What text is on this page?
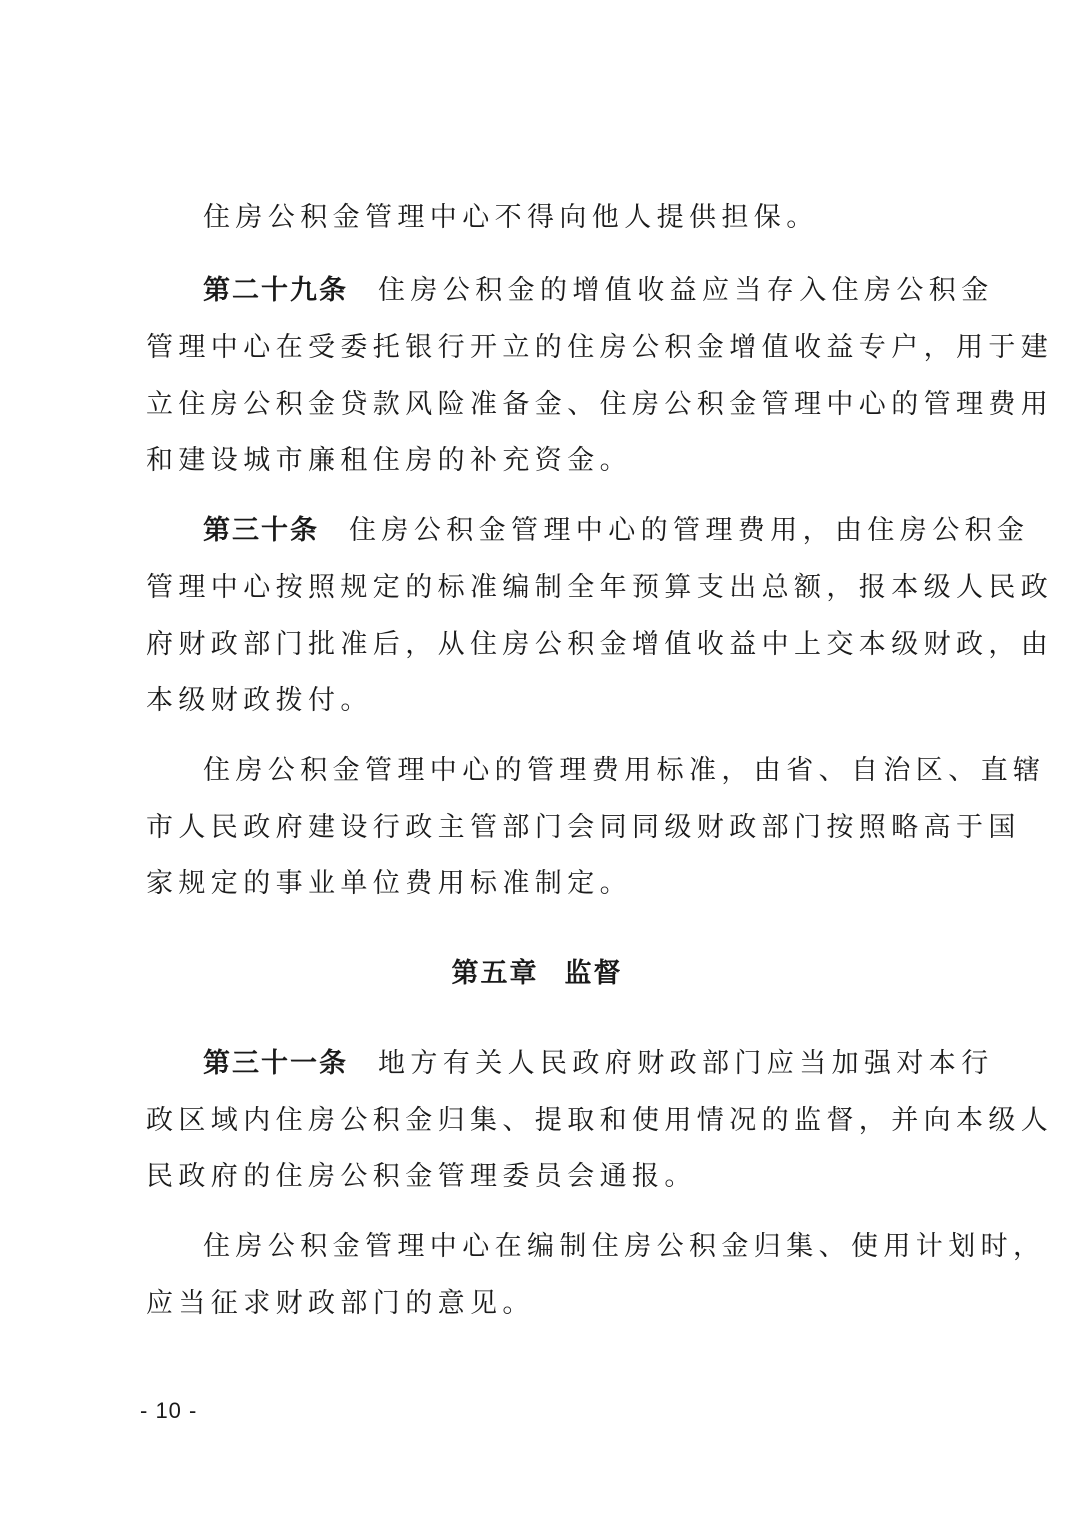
住房公积金管理中心不得向他人提供担保。
第二十九条 住房公积金的增值收益应当存入住房公积金
管理中心在受委托银行开立的住房公积金增值收益专户，用于建
立住房公积金贷款风险准备金、住房公积金管理中心的管理费用
和建设城市廉租住房的补充资金。
第三十条 住房公积金管理中心的管理费用，由住房公积金
管理中心按照规定的标准编制全年预算支出总额，报本级人民政
府财政部门批准后，从住房公积金增值收益中上交本级财政，由
本级财政拨付。
住房公积金管理中心的管理费用标准，由省、自治区、直辖
市人民政府建设行政主管部门会同同级财政部门按照略高于国
家规定的事业单位费用标准制定。
第五章 监督
第三十一条 地方有关人民政府财政部门应当加强对本行
政区域内住房公积金归集、提取和使用情况的监督，并向本级人
民政府的住房公积金管理委员会通报。
住房公积金管理中心在编制住房公积金归集、使用计划时，
应当征求财政部门的意见。
- 10 -
